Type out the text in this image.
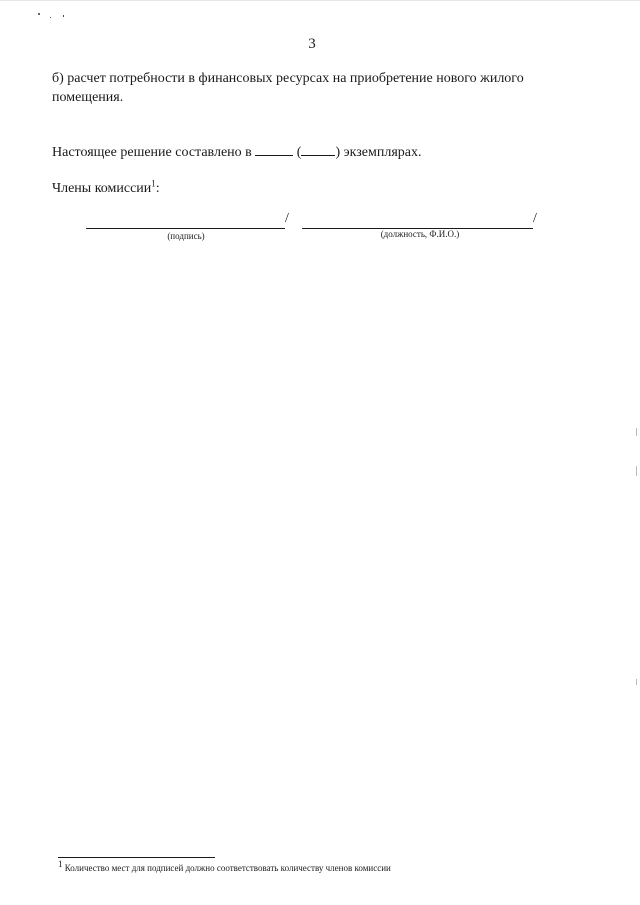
3
б) расчет потребности в финансовых ресурсах на приобретение нового жилого помещения.
Настоящее решение составлено в	( ) экземплярах.
Члены комиссии$^1$:
/	/
(подпись)	(должность, Ф.И.О.)
$^1$ Количество мест для подписей должно соответствовать количеству членов комиссии
